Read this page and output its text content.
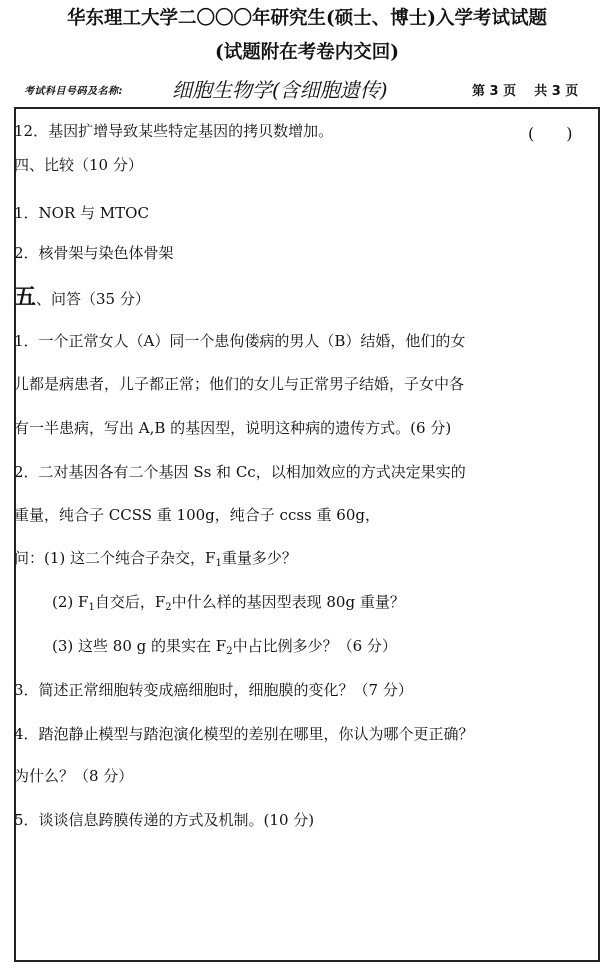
华东理工大学二〇〇〇年研究生(硕士、博士)入学考试试题
(试题附在考卷内交回)
考试科目号码及名称: 细胞生物学(含细胞遗传)	第 3 页    共 3 页
12．基因扩增导致某些特定基因的拷贝数增加。	(　　)
四、比较（10 分）
1．NOR 与 MTOC
2．核骨架与染色体骨架
五、问答（35 分）
1．一个正常女人（A）同一个患佝偻病的男人（B）结婚，他们的女
儿都是病患者，儿子都正常；他们的女儿与正常男子结婚，子女中各
有一半患病，写出 A,B 的基因型，说明这种病的遗传方式。(6 分)
2．二对基因各有二个基因 Ss 和 Cc，以相加效应的方式决定果实的
重量，纯合子 CCSS 重 100g，纯合子 ccss 重 60g，
问：(1) 这二个纯合子杂交，$F_1$重量多少？
(2) $F_1$自交后，$F_2$中什么样的基因型表现 80g 重量？
(3) 这些 80 g 的果实在 $F_2$中占比例多少？（6 分）
3．简述正常细胞转变成癌细胞时，细胞膜的变化？（7 分）
4．踏泡静止模型与踏泡演化模型的差别在哪里，你认为哪个更正确？
为什么？（8 分）
5．谈谈信息跨膜传递的方式及机制。(10 分)
